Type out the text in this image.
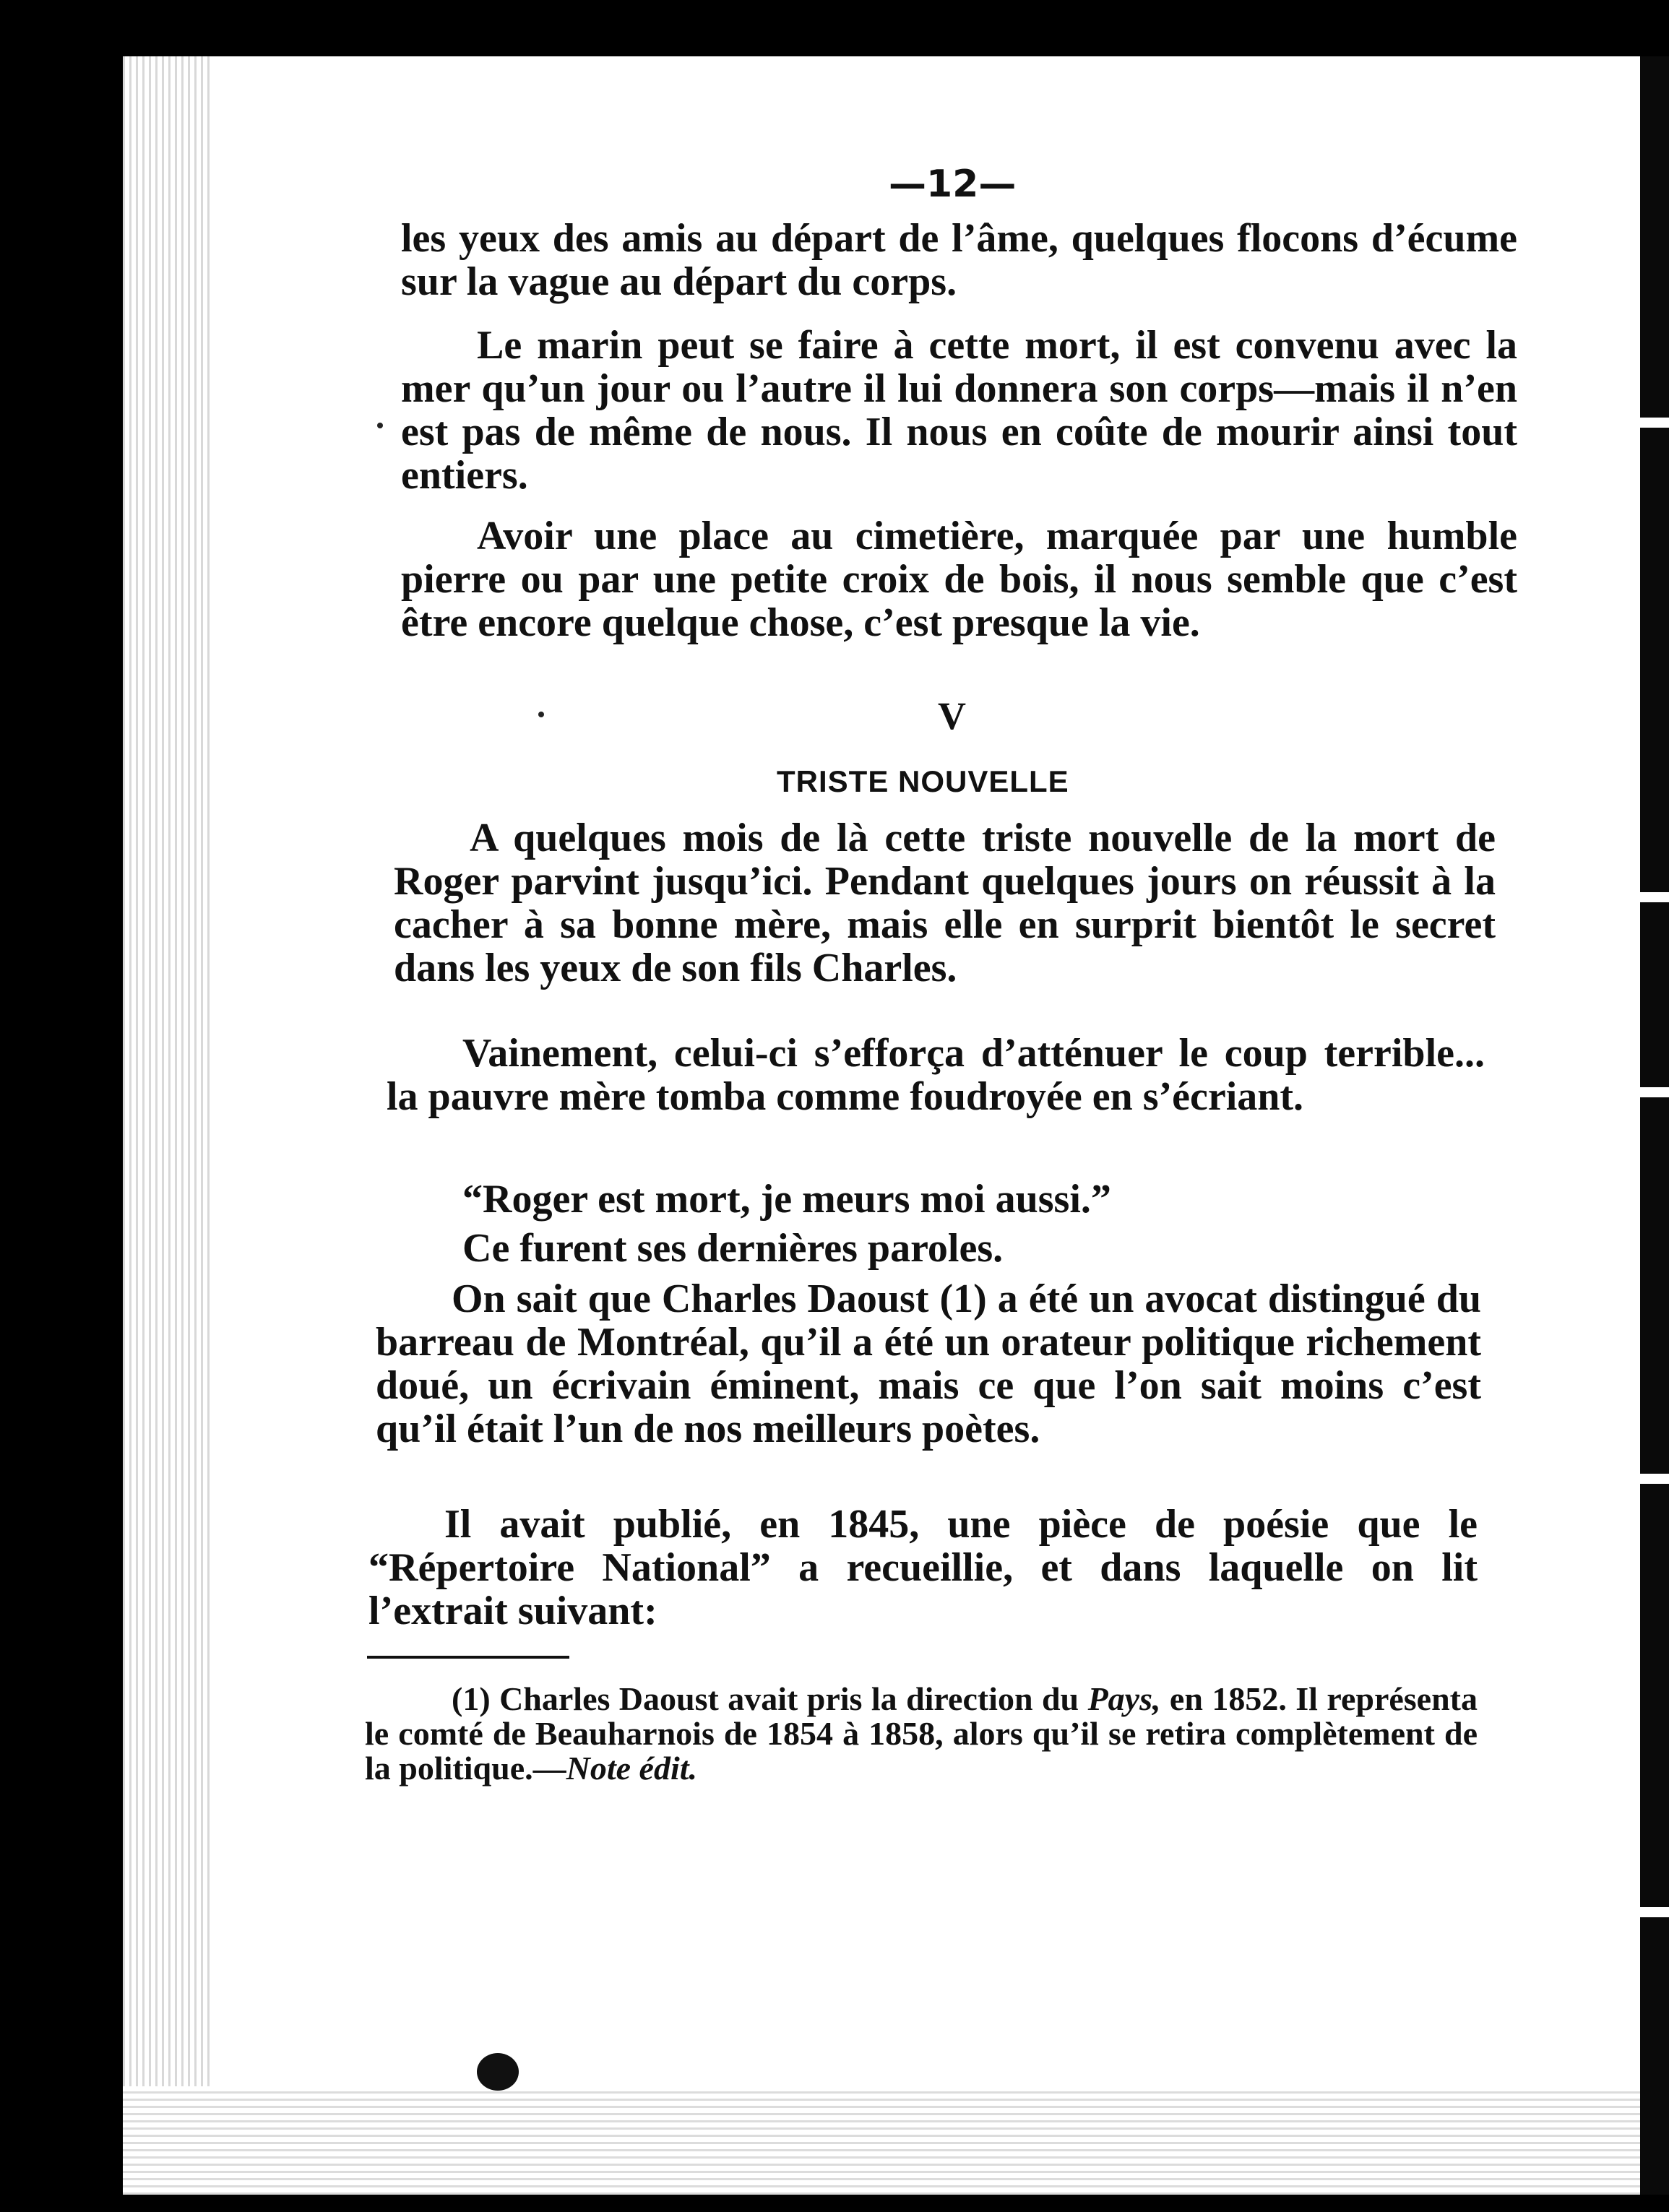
—12—

les yeux des amis au départ de l’âme, quelques flocons d’écume sur la vague au départ du corps.

Le marin peut se faire à cette mort, il est convenu avec la mer qu’un jour ou l’autre il lui donnera son corps—mais il n’en est pas de même de nous. Il nous en coûte de mourir ainsi tout entiers.

Avoir une place au cimetière, marquée par une humble pierre ou par une petite croix de bois, il nous semble que c’est être encore quelque chose, c’est presque la vie.

V
TRISTE NOUVELLE

A quelques mois de là cette triste nouvelle de la mort de Roger parvint jusqu’ici. Pendant quelques jours on réussit à la cacher à sa bonne mère, mais elle en surprit bientôt le secret dans les yeux de son fils Charles.

Vainement, celui-ci s’efforça d’atténuer le coup terrible... la pauvre mère tomba comme foudroyée en s’écriant.

“Roger est mort, je meurs moi aussi.”

Ce furent ses dernières paroles.

On sait que Charles Daoust (1) a été un avocat distingué du barreau de Montréal, qu’il a été un orateur politique richement doué, un écrivain éminent, mais ce que l’on sait moins c’est qu’il était l’un de nos meilleurs poètes.

Il avait publié, en 1845, une pièce de poésie que le “Répertoire National” a recueillie, et dans laquelle on lit l’extrait suivant:

(1) Charles Daoust avait pris la direction du Pays, en 1852. Il représenta le comté de Beauharnois de 1854 à 1858, alors qu’il se retira complètement de la politique.—Note édit.
